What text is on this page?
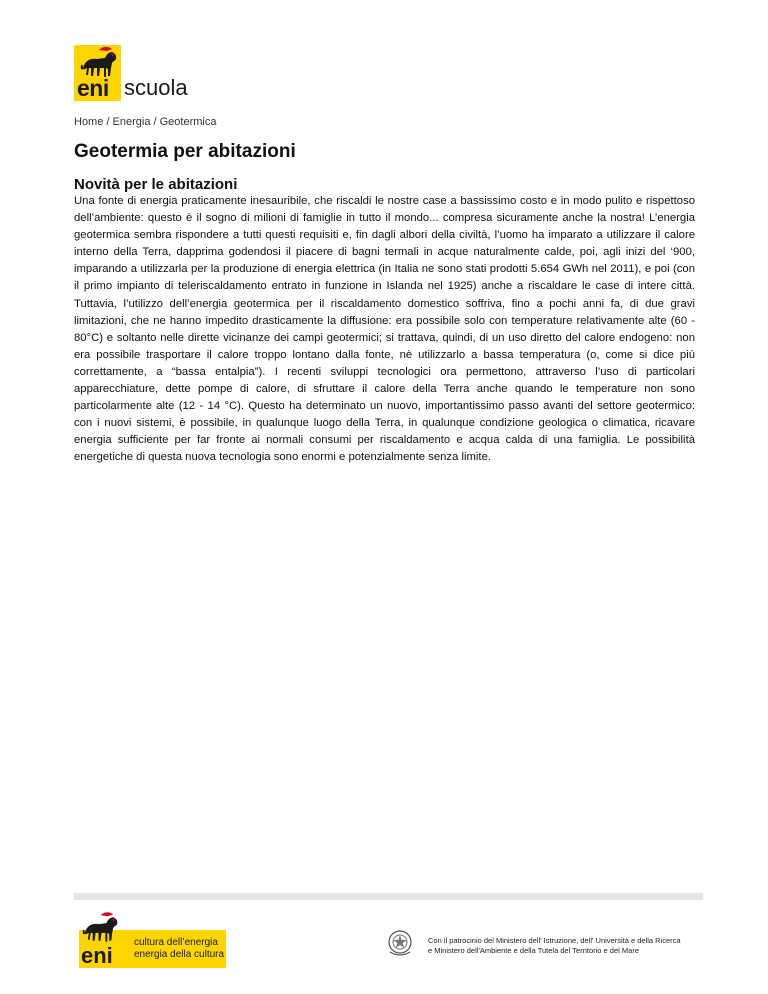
eni scuola
Home / Energia / Geotermica
Geotermia per abitazioni
Novità per le abitazioni

Una fonte di energia praticamente inesauribile, che riscaldi le nostre case a bassissimo costo e in modo pulito e rispettoso dell’ambiente: questo è il sogno di milioni di famiglie in tutto il mondo... compresa sicuramente anche la nostra! L’energia geotermica sembra rispondere a tutti questi requisiti e, fin dagli albori della civiltà, l’uomo ha imparato a utilizzare il calore interno della Terra, dapprima godendosi il piacere di bagni termali in acque naturalmente calde, poi, agli inizi del ‘900, imparando a utilizzarla per la produzione di energia elettrica (in Italia ne sono stati prodotti 5.654 GWh nel 2011), e poi (con il primo impianto di teleriscaldamento entrato in funzione in Islanda nel 1925) anche a riscaldare le case di intere città. Tuttavia, l’utilizzo dell’energia geotermica per il riscaldamento domestico soffriva, fino a pochi anni fa, di due gravi limitazioni, che ne hanno impedito drasticamente la diffusione: era possibile solo con temperature relativamente alte (60 - 80°C) e soltanto nelle dirette vicinanze dei campi geotermici; si trattava, quindi, di un uso diretto del calore endogeno: non era possibile trasportare il calore troppo lontano dalla fonte, nè utilizzarlo a bassa temperatura (o, come si dice più correttamente, a “bassa entalpia”). I recenti sviluppi tecnologici ora permettono, attraverso l’uso di particolari apparecchiature, dette pompe di calore, di sfruttare il calore della Terra anche quando le temperature non sono particolarmente alte (12 - 14 °C). Questo ha determinato un nuovo, importantissimo passo avanti del settore geotermico: con i nuovi sistemi, è possibile, in qualunque luogo della Terra, in qualunque condizione geologica o climatica, ricavare energia sufficiente per far fronte ai normali consumi per riscaldamento e acqua calda di una famiglia. Le possibilità energetiche di questa nuova tecnologia sono enormi e potenzialmente senza limite.

eni
cultura dell’energia
energia della cultura
Con il patrocinio del Ministero dell' Istruzione, dell' Università e della Ricerca
e Ministero dell'Ambiente e della Tutela del Territorio e del Mare
